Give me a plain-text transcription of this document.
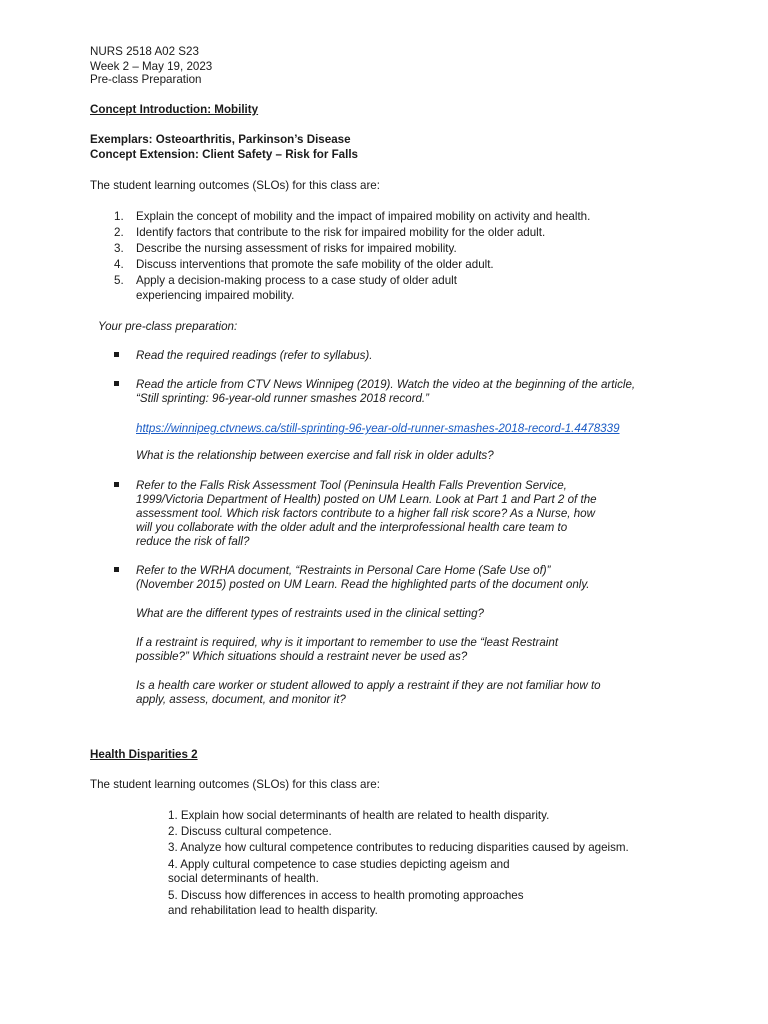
NURS 2518 A02 S23
Week 2 – May 19, 2023
Pre-class Preparation
Concept Introduction: Mobility
Exemplars: Osteoarthritis, Parkinson’s Disease
Concept Extension: Client Safety – Risk for Falls
The student learning outcomes (SLOs) for this class are:
1. Explain the concept of mobility and the impact of impaired mobility on activity and health.
2. Identify factors that contribute to the risk for impaired mobility for the older adult.
3. Describe the nursing assessment of risks for impaired mobility.
4. Discuss interventions that promote the safe mobility of the older adult.
5. Apply a decision-making process to a case study of older adult
experiencing impaired mobility.
Your pre-class preparation:
Read the required readings (refer to syllabus).
Read the article from CTV News Winnipeg (2019). Watch the video at the beginning of the article,
“Still sprinting: 96-year-old runner smashes 2018 record.”
https://winnipeg.ctvnews.ca/still-sprinting-96-year-old-runner-smashes-2018-record-1.4478339
What is the relationship between exercise and fall risk in older adults?
Refer to the Falls Risk Assessment Tool (Peninsula Health Falls Prevention Service,
1999/Victoria Department of Health) posted on UM Learn. Look at Part 1 and Part 2 of the
assessment tool. Which risk factors contribute to a higher fall risk score? As a Nurse, how
will you collaborate with the older adult and the interprofessional health care team to
reduce the risk of fall?
Refer to the WRHA document, “Restraints in Personal Care Home (Safe Use of)”
(November 2015) posted on UM Learn. Read the highlighted parts of the document only.
What are the different types of restraints used in the clinical setting?
If a restraint is required, why is it important to remember to use the “least Restraint
possible?” Which situations should a restraint never be used as?
Is a health care worker or student allowed to apply a restraint if they are not familiar how to
apply, assess, document, and monitor it?
Health Disparities 2
The student learning outcomes (SLOs) for this class are:
1. Explain how social determinants of health are related to health disparity.
2. Discuss cultural competence.
3. Analyze how cultural competence contributes to reducing disparities caused by ageism.
4. Apply cultural competence to case studies depicting ageism and
social determinants of health.
5. Discuss how differences in access to health promoting approaches
and rehabilitation lead to health disparity.
